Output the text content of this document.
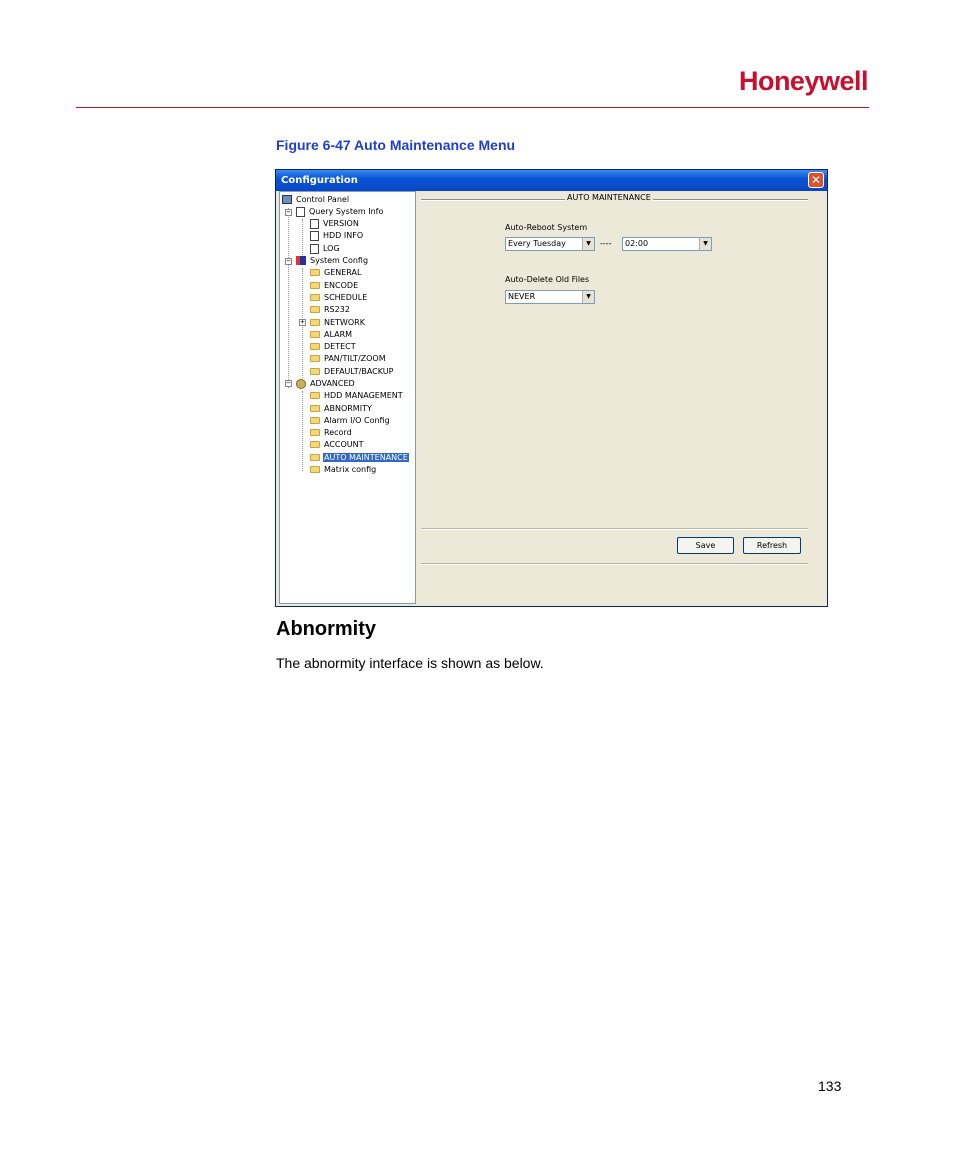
Honeywell
Figure 6-47 Auto Maintenance Menu
Configuration	✕
−
−
+
−
Control Panel
Query System Info
VERSION
HDD INFO
LOG
System Config
GENERAL
ENCODE
SCHEDULE
RS232
NETWORK
ALARM
DETECT
PAN/TILT/ZOOM
DEFAULT/BACKUP
ADVANCED
HDD MANAGEMENT
ABNORMITY
Alarm I/O Config
Record
ACCOUNT
AUTO MAINTENANCE
Matrix config
AUTO MAINTENANCE
Auto-Reboot System
Every Tuesday	▼	----	02:00	▼
Auto-Delete Old Files
NEVER	▼
Save	Refresh
Abnormity
The abnormity interface is shown as below.
133
